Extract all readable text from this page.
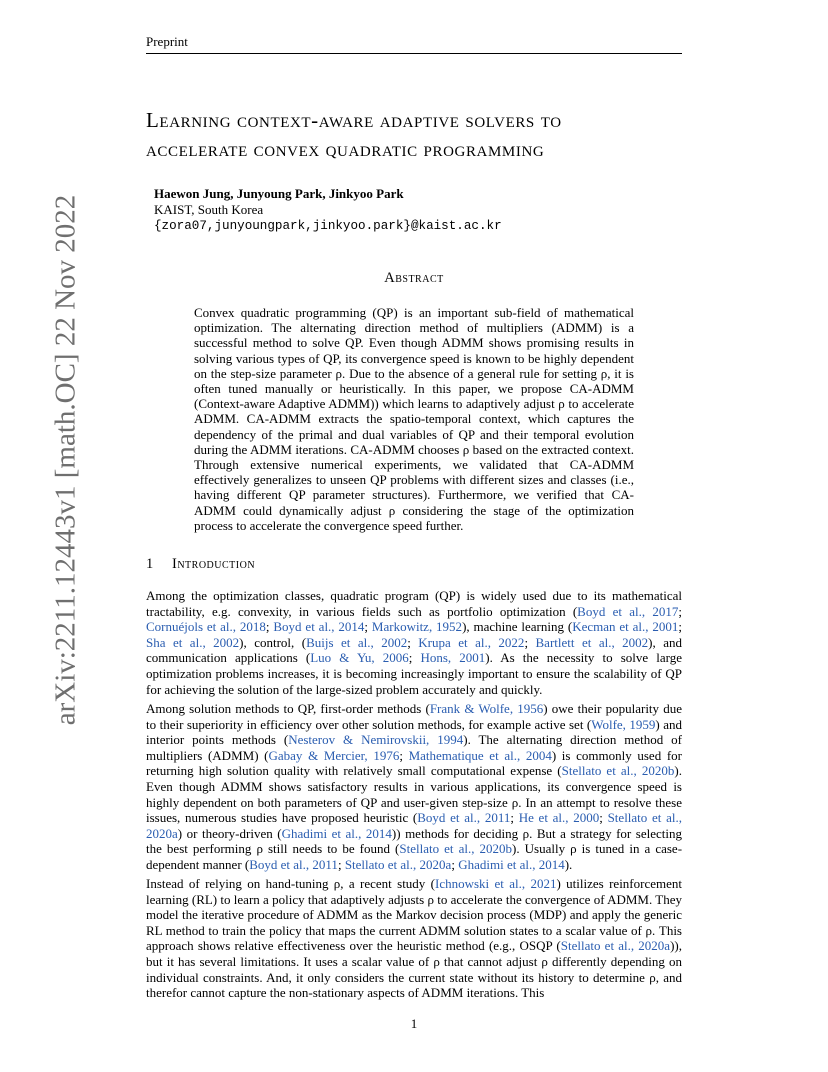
Preprint
arXiv:2211.12443v1 [math.OC] 22 Nov 2022
Learning context-aware adaptive solvers to
accelerate convex quadratic programming
Haewon Jung, Junyoung Park, Jinkyoo Park
KAIST, South Korea
{zora07,junyoungpark,jinkyoo.park}@kaist.ac.kr
Abstract
Convex quadratic programming (QP) is an important sub-field of mathematical optimization. The alternating direction method of multipliers (ADMM) is a successful method to solve QP. Even though ADMM shows promising results in solving various types of QP, its convergence speed is known to be highly dependent on the step-size parameter ρ. Due to the absence of a general rule for setting ρ, it is often tuned manually or heuristically. In this paper, we propose CA-ADMM (Context-aware Adaptive ADMM)) which learns to adaptively adjust ρ to accelerate ADMM. CA-ADMM extracts the spatio-temporal context, which captures the dependency of the primal and dual variables of QP and their temporal evolution during the ADMM iterations. CA-ADMM chooses ρ based on the extracted context. Through extensive numerical experiments, we validated that CA-ADMM effectively generalizes to unseen QP problems with different sizes and classes (i.e., having different QP parameter structures). Furthermore, we verified that CA-ADMM could dynamically adjust ρ considering the stage of the optimization process to accelerate the convergence speed further.
1 Introduction

Among the optimization classes, quadratic program (QP) is widely used due to its mathematical tractability, e.g. convexity, in various fields such as portfolio optimization (Boyd et al., 2017; Cornuéjols et al., 2018; Boyd et al., 2014; Markowitz, 1952), machine learning (Kecman et al., 2001; Sha et al., 2002), control, (Buijs et al., 2002; Krupa et al., 2022; Bartlett et al., 2002), and communication applications (Luo & Yu, 2006; Hons, 2001). As the necessity to solve large optimization problems increases, it is becoming increasingly important to ensure the scalability of QP for achieving the solution of the large-sized problem accurately and quickly.

Among solution methods to QP, first-order methods (Frank & Wolfe, 1956) owe their popularity due to their superiority in efficiency over other solution methods, for example active set (Wolfe, 1959) and interior points methods (Nesterov & Nemirovskii, 1994). The alternating direction method of multipliers (ADMM) (Gabay & Mercier, 1976; Mathematique et al., 2004) is commonly used for returning high solution quality with relatively small computational expense (Stellato et al., 2020b). Even though ADMM shows satisfactory results in various applications, its convergence speed is highly dependent on both parameters of QP and user-given step-size ρ. In an attempt to resolve these issues, numerous studies have proposed heuristic (Boyd et al., 2011; He et al., 2000; Stellato et al., 2020a) or theory-driven (Ghadimi et al., 2014)) methods for deciding ρ. But a strategy for selecting the best performing ρ still needs to be found (Stellato et al., 2020b). Usually ρ is tuned in a case-dependent manner (Boyd et al., 2011; Stellato et al., 2020a; Ghadimi et al., 2014).

Instead of relying on hand-tuning ρ, a recent study (Ichnowski et al., 2021) utilizes reinforcement learning (RL) to learn a policy that adaptively adjusts ρ to accelerate the convergence of ADMM. They model the iterative procedure of ADMM as the Markov decision process (MDP) and apply the generic RL method to train the policy that maps the current ADMM solution states to a scalar value of ρ. This approach shows relative effectiveness over the heuristic method (e.g., OSQP (Stellato et al., 2020a)), but it has several limitations. It uses a scalar value of ρ that cannot adjust ρ differently depending on individual constraints. And, it only considers the current state without its history to determine ρ, and therefor cannot capture the non-stationary aspects of ADMM iterations. This

1
